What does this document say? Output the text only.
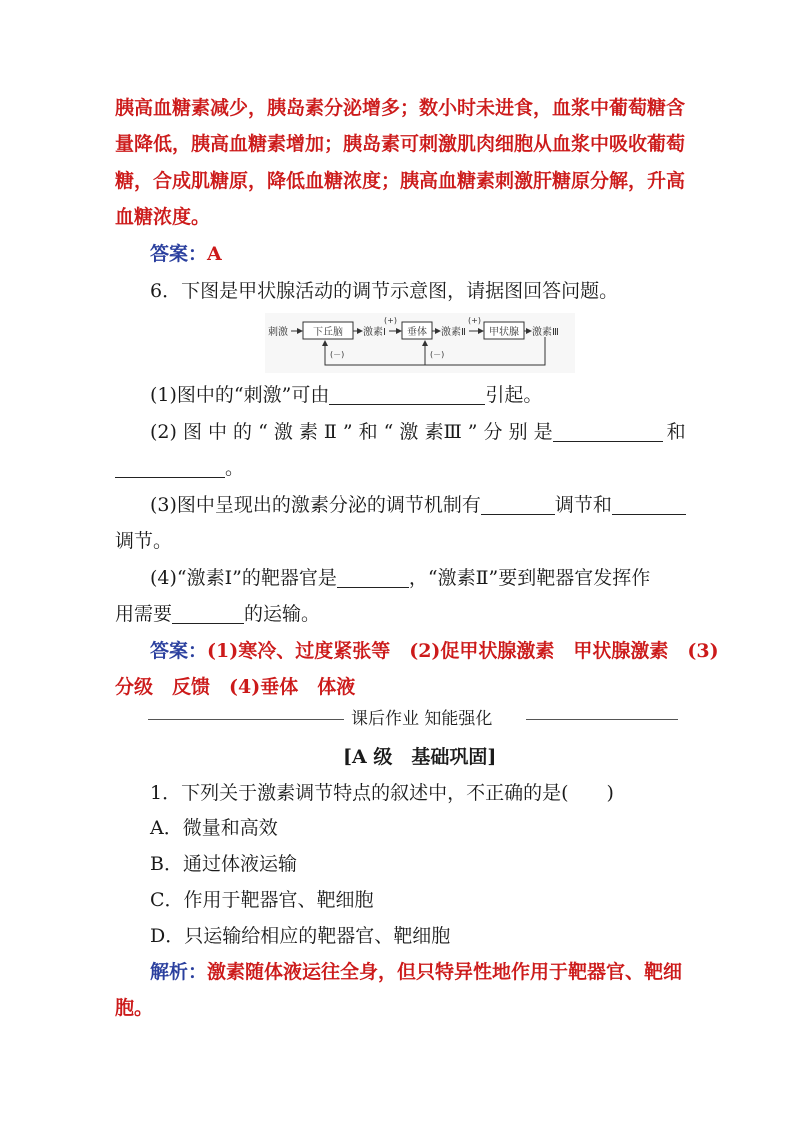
胰高血糖素减少，胰岛素分泌增多；数小时未进食，血浆中葡萄糖含
量降低，胰高血糖素增加；胰岛素可刺激肌肉细胞从血浆中吸收葡萄
糖，合成肌糖原，降低血糖浓度；胰高血糖素刺激肝糖原分解，升高
血糖浓度。
答案：A
6．下图是甲状腺活动的调节示意图，请据图回答问题。
刺激	下丘脑 激素Ⅰ
(+)
垂体 激素Ⅱ
(+)
甲状腺 激素Ⅲ
(－)	(－)
(1)图中的“刺激”可由	引起。
(2) 图 中 的 “ 激 素 Ⅱ ” 和 “ 激 素Ⅲ ” 分 别 是	和
。
(3)图中呈现出的激素分泌的调节机制有	调节和
调节。
(4)“激素Ⅰ”的靶器官是	，“激素Ⅱ”要到靶器官发挥作
用需要	的运输。
答案：(1)寒冷、过度紧张等　(2)促甲状腺激素　甲状腺激素　(3)
分级　反馈　(4)垂体　体液
课后作业 知能强化
[A 级　基础巩固]
1．下列关于激素调节特点的叙述中，不正确的是(　　)
A．微量和高效
B．通过体液运输
C．作用于靶器官、靶细胞
D．只运输给相应的靶器官、靶细胞
解析：激素随体液运往全身，但只特异性地作用于靶器官、靶细
胞。
